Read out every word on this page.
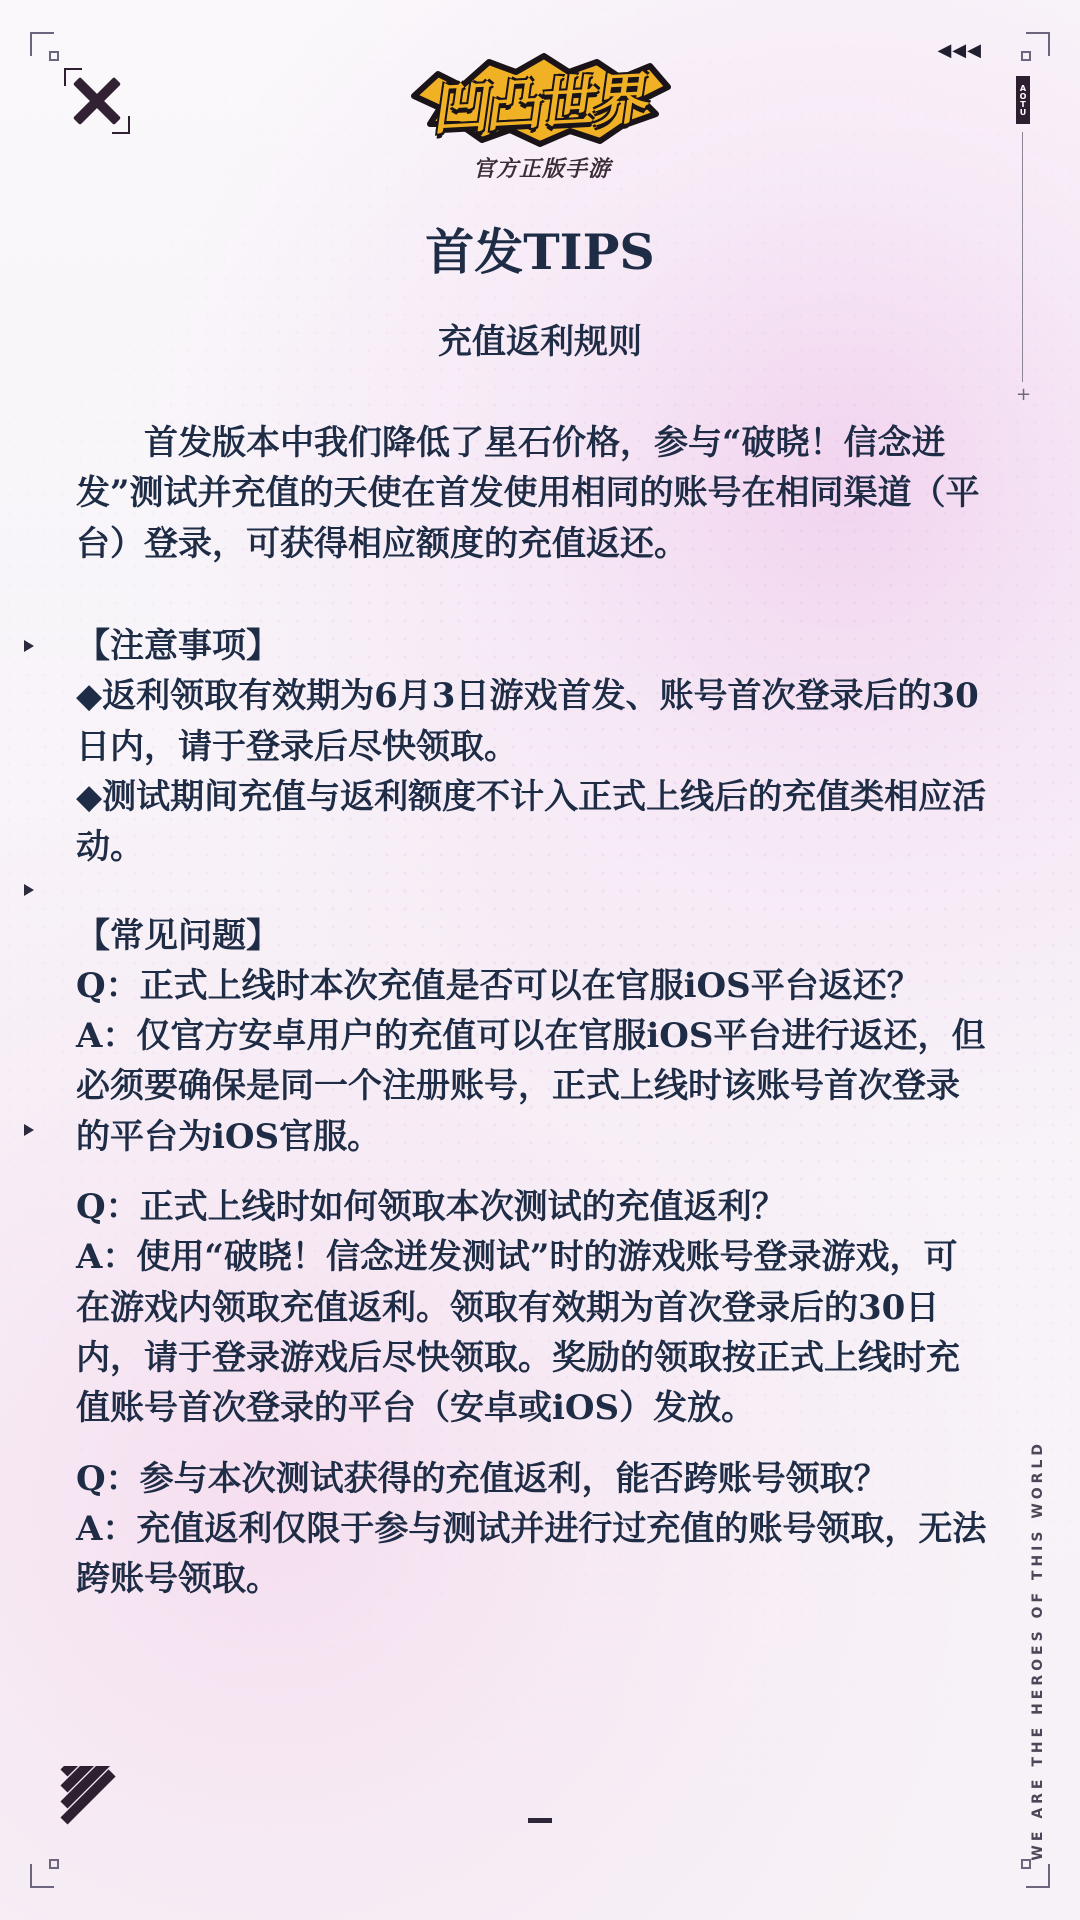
◀◀◀
AOTU
+
凹凸世界
官方正版手游
首发TIPS
充值返利规则

　　首发版本中我们降低了星石价格，参与“破晓！信念迸发”测试并充值的天使在首发使用相同的账号在相同渠道（平台）登录，可获得相应额度的充值返还。

【注意事项】

◆返利领取有效期为6月3日游戏首发、账号首次登录后的30日内，请于登录后尽快领取。

◆测试期间充值与返利额度不计入正式上线后的充值类相应活动。

【常见问题】

Q：正式上线时本次充值是否可以在官服iOS平台返还？

A：仅官方安卓用户的充值可以在官服iOS平台进行返还，但必须要确保是同一个注册账号，正式上线时该账号首次登录的平台为iOS官服。

Q：正式上线时如何领取本次测试的充值返利？

A：使用“破晓！信念迸发测试”时的游戏账号登录游戏，可在游戏内领取充值返利。领取有效期为首次登录后的30日内，请于登录游戏后尽快领取。奖励的领取按正式上线时充值账号首次登录的平台（安卓或iOS）发放。

Q：参与本次测试获得的充值返利，能否跨账号领取？

A：充值返利仅限于参与测试并进行过充值的账号领取，无法跨账号领取。	WE ARE THE HEROES OF THIS WORLD
